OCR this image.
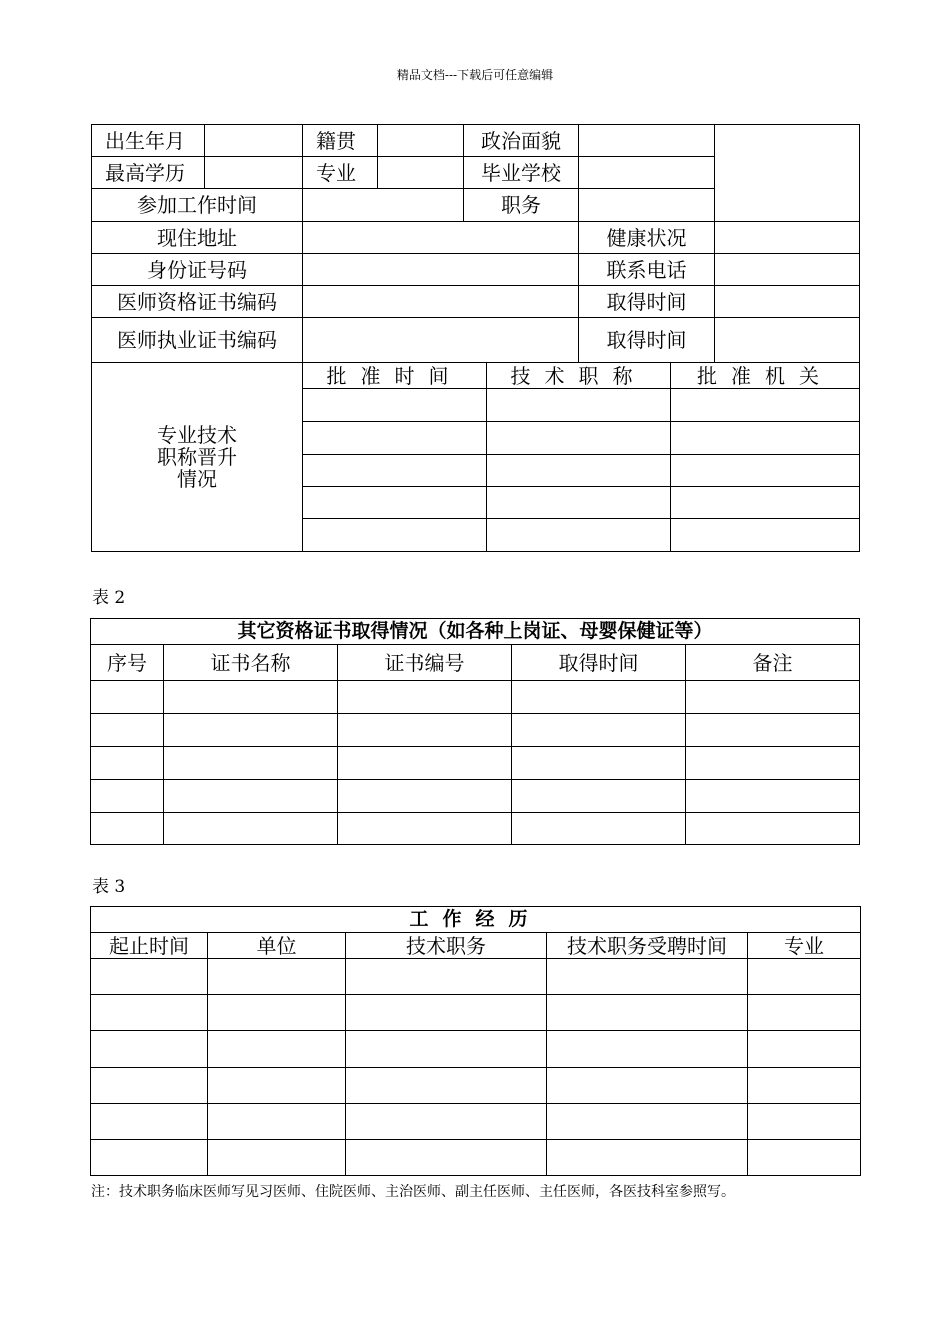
精品文档---下载后可任意编辑
出生年月		籍贯		政治面貌				
最高学历		专业		毕业学校				
参加工作时间				职务				
现住地址						健康状况		
身份证号码						联系电话		
医师资格证书编码						取得时间		
医师执业证书编码						取得时间		

专业技术
职称晋升
情况		批准时间			技术职称		批准机关	

表 2
其它资格证书取得情况（如各种上岗证、母婴保健证等）				
序号	证书名称	证书编号	取得时间	备注

表 3
工作经历				
起止时间	单位	技术职务	技术职务受聘时间	专业

注：技术职务临床医师写见习医师、住院医师、主治医师、副主任医师、主任医师，各医技科室参照写。
